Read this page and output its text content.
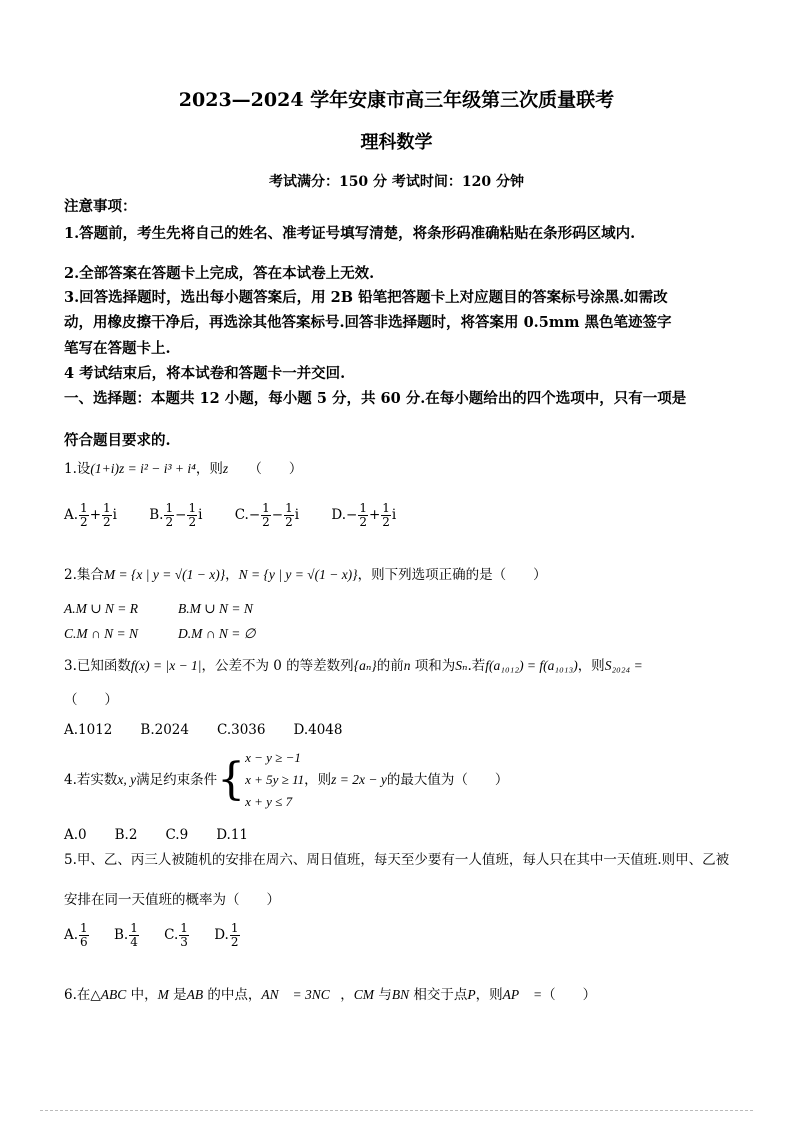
2023—2024 学年安康市高三年级第三次质量联考
理科数学
考试满分：150 分 考试时间：120 分钟
注意事项：
1.答题前，考生先将自己的姓名、准考证号填写清楚，将条形码准确粘贴在条形码区域内.
2.全部答案在答题卡上完成，答在本试卷上无效.
3.回答选择题时，选出每小题答案后，用 2B 铅笔把答题卡上对应题目的答案标号涂黑.如需改
动，用橡皮擦干净后，再选涂其他答案标号.回答非选择题时，将答案用 0.5mm 黑色笔迹签字
笔写在答题卡上.
4 考试结束后，将本试卷和答题卡一并交回.
一、选择题：本题共 12 小题，每小题 5 分，共 60 分.在每小题给出的四个选项中，只有一项是
符合题目要求的.
1.设(1+i)z = i² − i³ + i⁴，则z　　 （　　）
A. $\frac{1}{2} + \frac{1}{2}$ i B. $\frac{1}{2} - \frac{1}{2}$ i $C.- \frac{1}{2} - \frac{1}{2}$ i $D.- \frac{1}{2} + \frac{1}{2}$ i
2.集合M = {x | y = √(1 − x)}，N = {y | y = √(1 − x)}，则下列选项正确的是（　　）
A.M ∪ N = R	B.M ∪ N = N
C.M ∩ N = N	D.M ∩ N = ∅
3.已知函数f(x) = |x − 1|，公差不为 0 的等差数列{aₙ}的前n 项和为Sₙ.若f(a₁₀₁₂) = f(a₁₀₁₃)，则S₂₀₂₄ =
（　　）
A.1012 B.2024 C.3036 D.4048
4.若实数 x, y 满足约束条件 { x − y ≥ −1
x + 5y ≥ 11
x + y ≤ 7
，则 z = 2x − y 的最大值为（　　）
A.0 B.2 C.9 D.11
5.甲、乙、丙三人被随机的安排在周六、周日值班，每天至少要有一人值班，每人只在其中一天值班.则甲、乙被
安排在同一天值班的概率为（　　）
A. $\frac{1}{6} B$. $\frac{1}{4} C$. $\frac{1}{3} D$. $\frac{1}{2}$
6.在△ABC 中，M 是AB 的中点，AN⃗ = 3NC⃗，CM 与BN 相交于点P，则AP⃗ =（　　）
